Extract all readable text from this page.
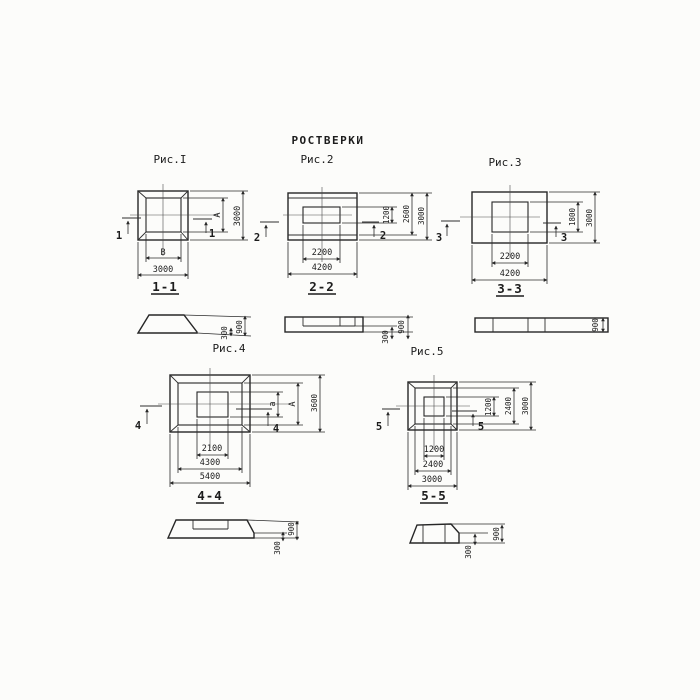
РОСТВЕРКИ
Рис.I
1	1
В
3000
А 3000
1-1
300 900
Рис.2
2	2
2200
4200
1200 2600 3000
2-2
300
900
Рис.3
3	3
2200
4200
1800 3000
3-3
900
Рис.4
4	4
2100
4300
5400
а А 3600
4-4
300
900
Рис.5
5	5
1200
2400
3000
1200 2400 3000
5-5
300
900
